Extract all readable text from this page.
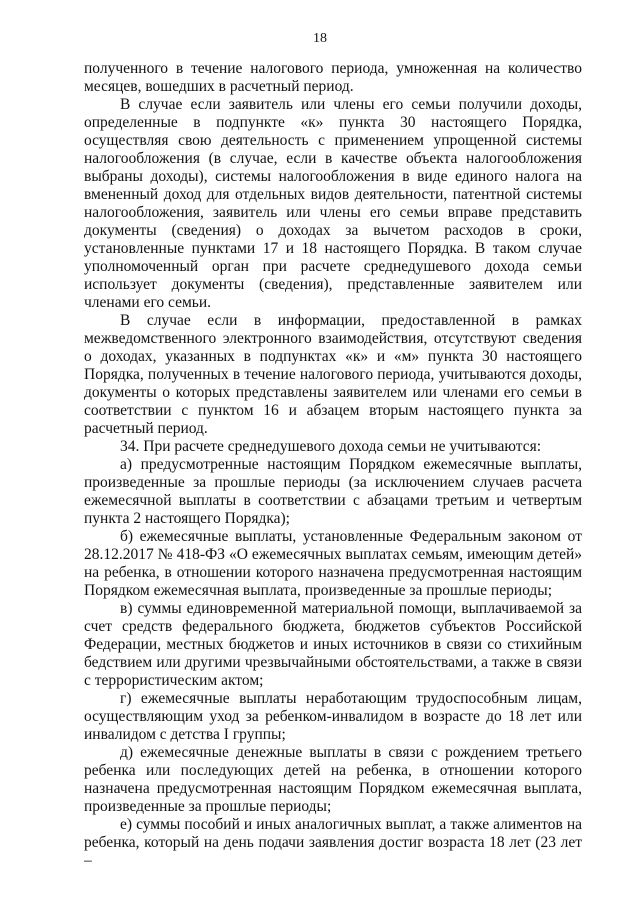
18

полученного в течение налогового периода, умноженная на количество месяцев, вошедших в расчетный период.

В случае если заявитель или члены его семьи получили доходы, определенные в подпункте «к» пункта 30 настоящего Порядка, осуществляя свою деятельность с применением упрощенной системы налогообложения (в случае, если в качестве объекта налогообложения выбраны доходы), системы налогообложения в виде единого налога на вмененный доход для отдельных видов деятельности, патентной системы налогообложения, заявитель или члены его семьи вправе представить документы (сведения) о доходах за вычетом расходов в сроки, установленные пунктами 17 и 18 настоящего Порядка. В таком случае уполномоченный орган при расчете среднедушевого дохода семьи использует документы (сведения), представленные заявителем или членами его семьи.

В случае если в информации, предоставленной в рамках межведомственного электронного взаимодействия, отсутствуют сведения о доходах, указанных в подпунктах «к» и «м» пункта 30 настоящего Порядка, полученных в течение налогового периода, учитываются доходы, документы о которых представлены заявителем или членами его семьи в соответствии с пунктом 16 и абзацем вторым настоящего пункта за расчетный период.

34. При расчете среднедушевого дохода семьи не учитываются:

а) предусмотренные настоящим Порядком ежемесячные выплаты, произведенные за прошлые периоды (за исключением случаев расчета ежемесячной выплаты в соответствии с абзацами третьим и четвертым пункта 2 настоящего Порядка);

б) ежемесячные выплаты, установленные Федеральным законом от 28.12.2017 № 418-ФЗ «О ежемесячных выплатах семьям, имеющим детей» на ребенка, в отношении которого назначена предусмотренная настоящим Порядком ежемесячная выплата, произведенные за прошлые периоды;

в) суммы единовременной материальной помощи, выплачиваемой за счет средств федерального бюджета, бюджетов субъектов Российской Федерации, местных бюджетов и иных источников в связи со стихийным бедствием или другими чрезвычайными обстоятельствами, а также в связи с террористическим актом;

г) ежемесячные выплаты неработающим трудоспособным лицам, осуществляющим уход за ребенком-инвалидом в возрасте до 18 лет или инвалидом с детства I группы;

д) ежемесячные денежные выплаты в связи с рождением третьего ребенка или последующих детей на ребенка, в отношении которого назначена предусмотренная настоящим Порядком ежемесячная выплата, произведенные за прошлые периоды;

е) суммы пособий и иных аналогичных выплат, а также алиментов на ребенка, который на день подачи заявления достиг возраста 18 лет (23 лет –
